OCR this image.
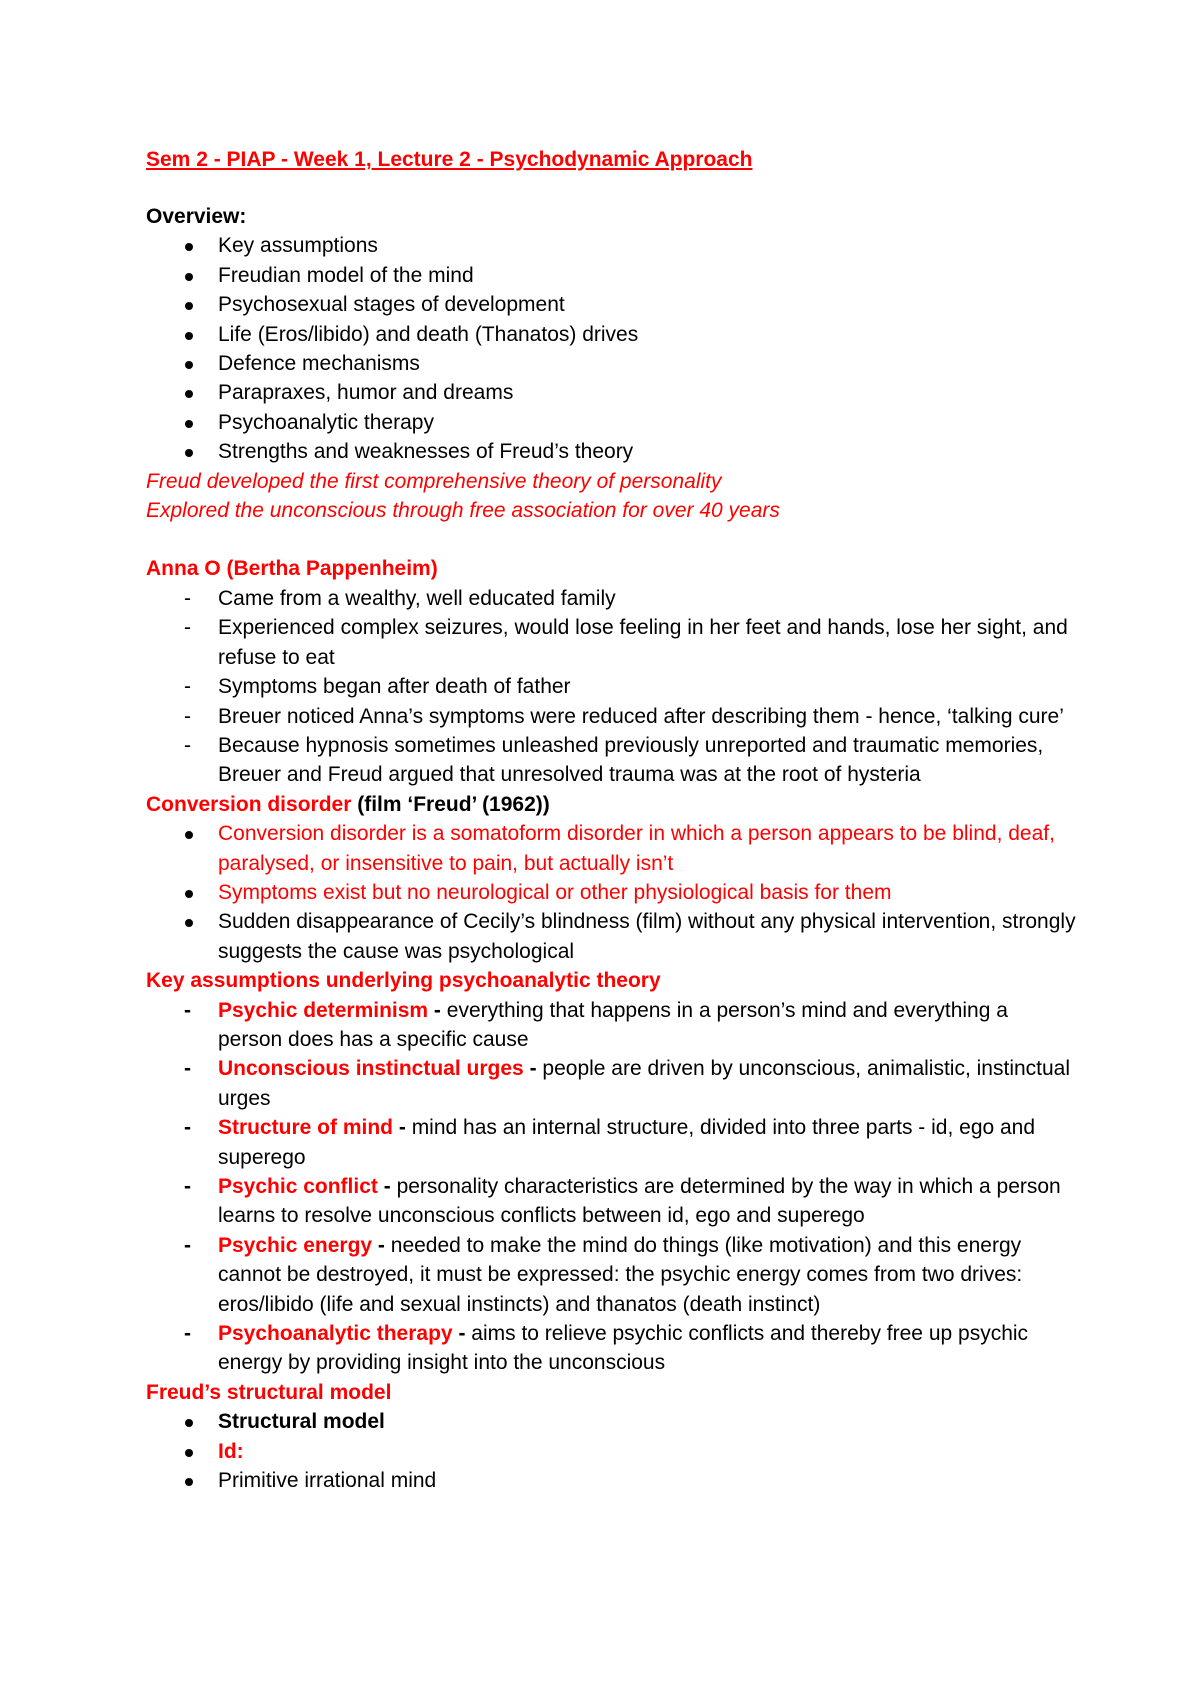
Sem 2 - PIAP - Week 1, Lecture 2 - Psychodynamic Approach
Overview:
Key assumptions
Freudian model of the mind
Psychosexual stages of development
Life (Eros/libido) and death (Thanatos) drives
Defence mechanisms
Parapraxes, humor and dreams
Psychoanalytic therapy
Strengths and weaknesses of Freud’s theory
Freud developed the first comprehensive theory of personality
Explored the unconscious through free association for over 40 years
Anna O (Bertha Pappenheim)
- Came from a wealthy, well educated family
- Experienced complex seizures, would lose feeling in her feet and hands, lose her sight, and refuse to eat
- Symptoms began after death of father
- Breuer noticed Anna’s symptoms were reduced after describing them - hence, ‘talking cure’
- Because hypnosis sometimes unleashed previously unreported and traumatic memories, Breuer and Freud argued that unresolved trauma was at the root of hysteria
Conversion disorder (film ‘Freud’ (1962))
Conversion disorder is a somatoform disorder in which a person appears to be blind, deaf, paralysed, or insensitive to pain, but actually isn’t
Symptoms exist but no neurological or other physiological basis for them
Sudden disappearance of Cecily’s blindness (film) without any physical intervention, strongly suggests the cause was psychological
Key assumptions underlying psychoanalytic theory
- Psychic determinism - everything that happens in a person’s mind and everything a person does has a specific cause
- Unconscious instinctual urges - people are driven by unconscious, animalistic, instinctual urges
- Structure of mind - mind has an internal structure, divided into three parts - id, ego and superego
- Psychic conflict - personality characteristics are determined by the way in which a person learns to resolve unconscious conflicts between id, ego and superego
- Psychic energy - needed to make the mind do things (like motivation) and this energy cannot be destroyed, it must be expressed: the psychic energy comes from two drives: eros/libido (life and sexual instincts) and thanatos (death instinct)
- Psychoanalytic therapy - aims to relieve psychic conflicts and thereby free up psychic energy by providing insight into the unconscious
Freud’s structural model
Structural model
Id:
Primitive irrational mind
